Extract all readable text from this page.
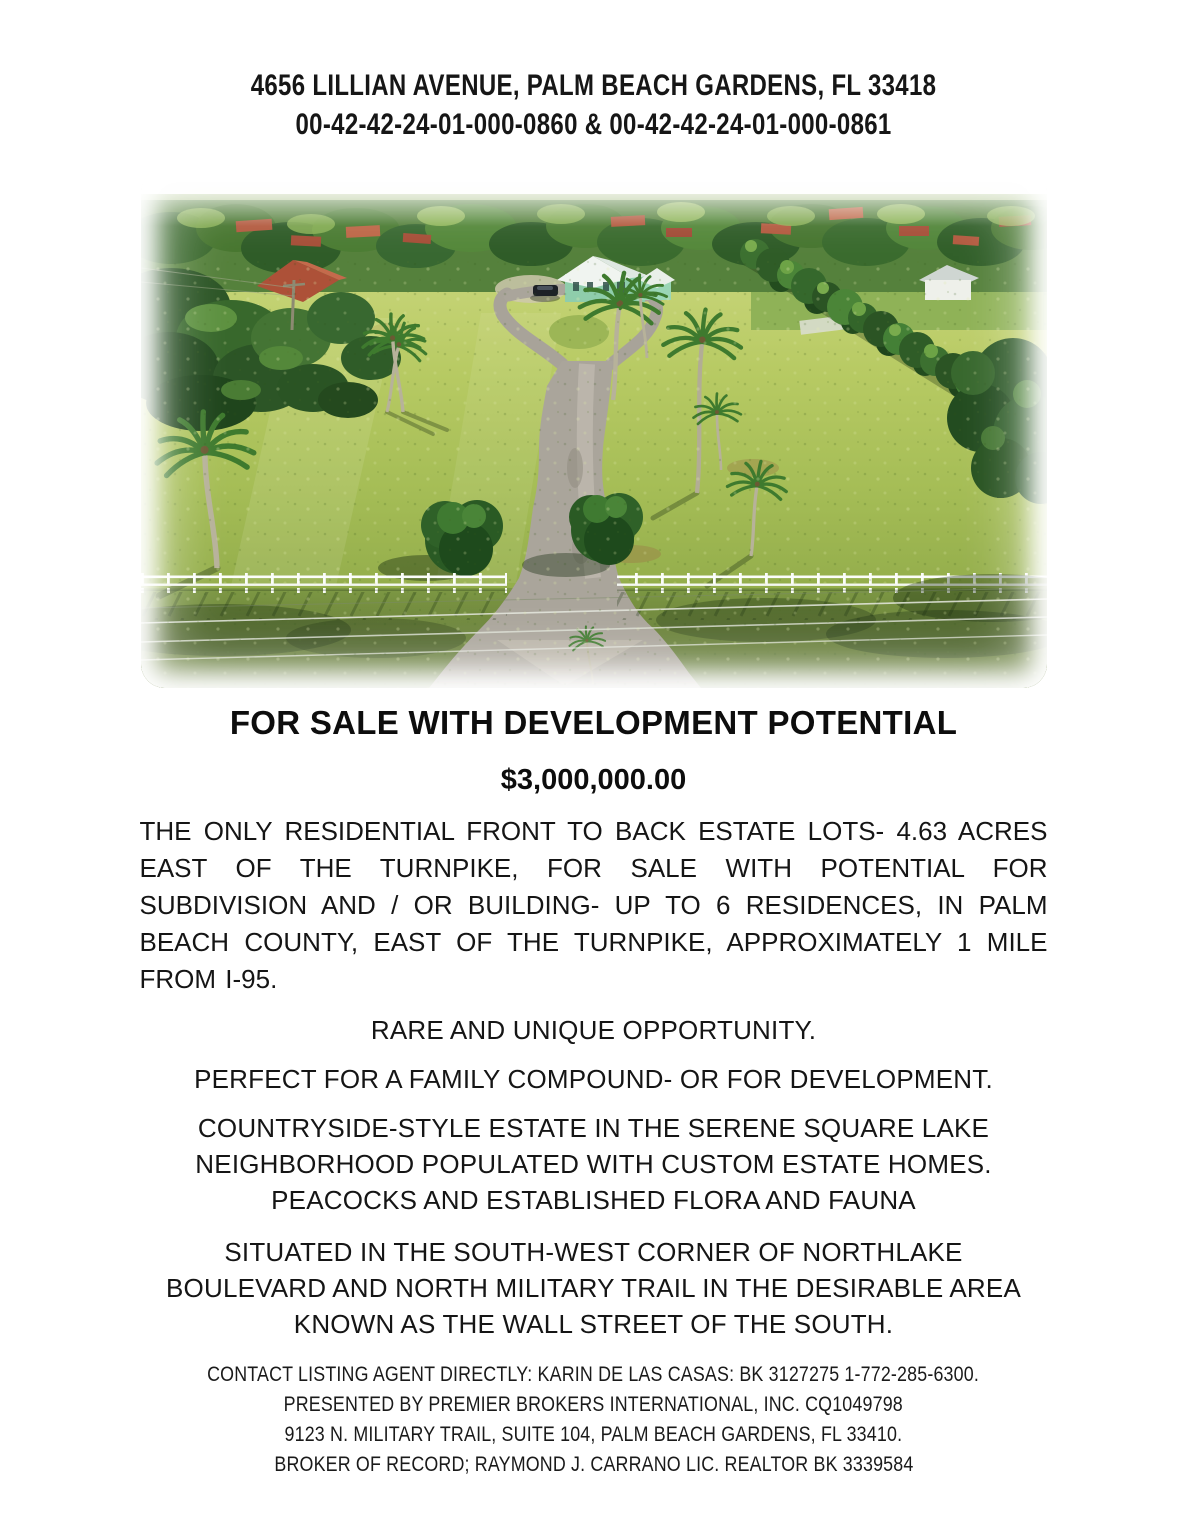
4656 LILLIAN AVENUE, PALM BEACH GARDENS, FL 33418
00-42-42-24-01-000-0860 & 00-42-42-24-01-000-0861
FOR SALE WITH DEVELOPMENT POTENTIAL
$3,000,000.00

THE ONLY RESIDENTIAL FRONT TO BACK ESTATE LOTS- 4.63 ACRES EAST OF THE TURNPIKE, FOR SALE WITH POTENTIAL FOR SUBDIVISION AND / OR BUILDING- UP TO 6 RESIDENCES, IN PALM BEACH COUNTY, EAST OF THE TURNPIKE, APPROXIMATELY 1 MILE FROM I-95.

RARE AND UNIQUE OPPORTUNITY.
PERFECT FOR A FAMILY COMPOUND- OR FOR DEVELOPMENT.
COUNTRYSIDE-STYLE ESTATE IN THE SERENE SQUARE LAKE
NEIGHBORHOOD POPULATED WITH CUSTOM ESTATE HOMES.
PEACOCKS AND ESTABLISHED FLORA AND FAUNA
SITUATED IN THE SOUTH-WEST CORNER OF NORTHLAKE
BOULEVARD AND NORTH MILITARY TRAIL IN THE DESIRABLE AREA
KNOWN AS THE WALL STREET OF THE SOUTH.
CONTACT LISTING AGENT DIRECTLY: KARIN DE LAS CASAS: BK 3127275 1-772-285-6300.
PRESENTED BY PREMIER BROKERS INTERNATIONAL, INC. CQ1049798
9123 N. MILITARY TRAIL, SUITE 104, PALM BEACH GARDENS, FL 33410.
BROKER OF RECORD; RAYMOND J. CARRANO LIC. REALTOR BK 3339584
